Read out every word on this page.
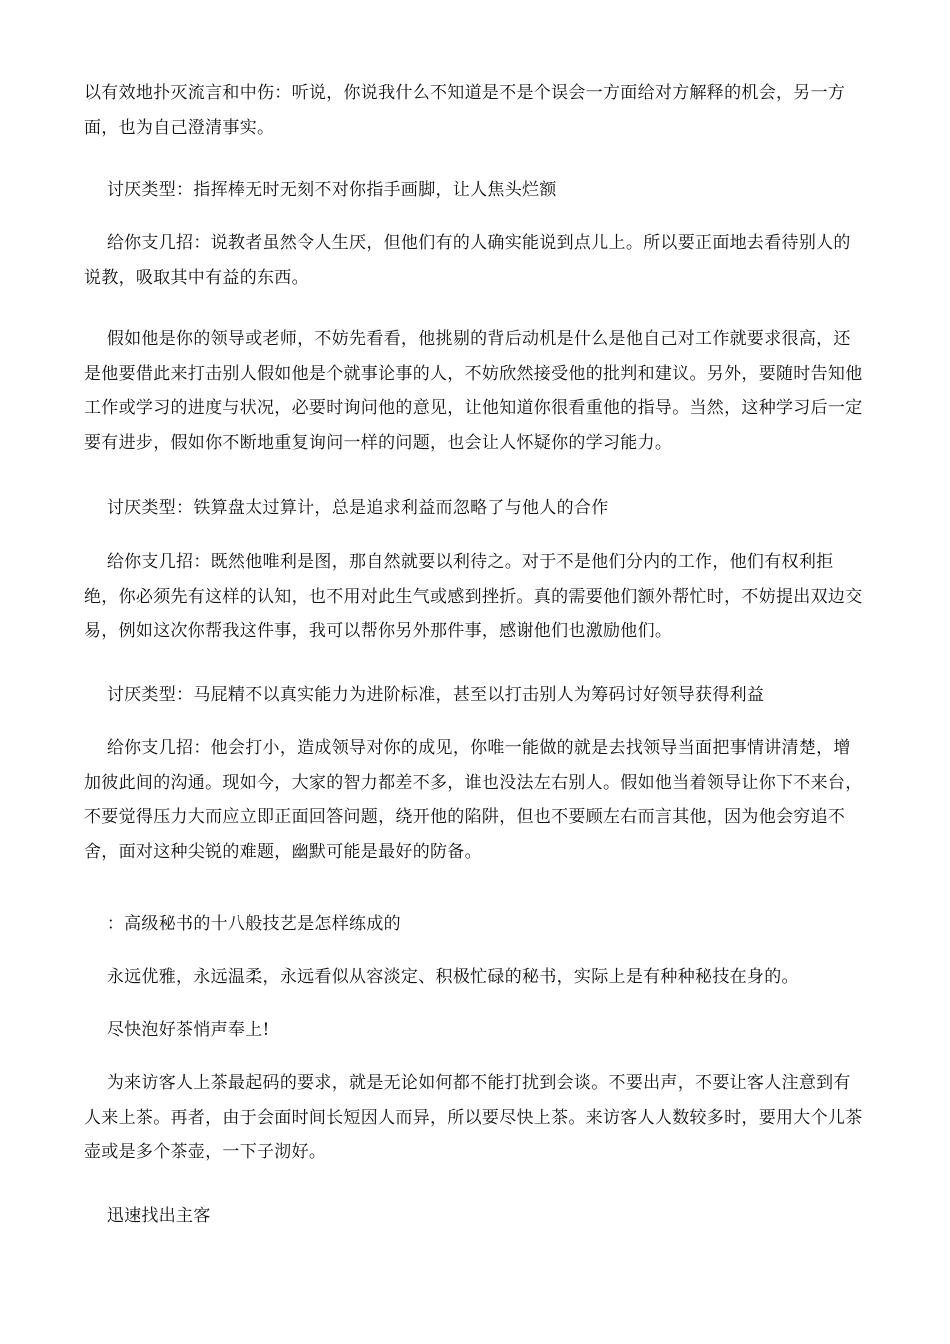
以有效地扑灭流言和中伤：听说，你说我什么不知道是不是个误会一方面给对方解释的机会，另一方面，也为自己澄清事实。

讨厌类型：指挥棒无时无刻不对你指手画脚，让人焦头烂额

给你支几招：说教者虽然令人生厌，但他们有的人确实能说到点儿上。所以要正面地去看待别人的说教，吸取其中有益的东西。

假如他是你的领导或老师，不妨先看看，他挑剔的背后动机是什么是他自己对工作就要求很高，还是他要借此来打击别人假如他是个就事论事的人，不妨欣然接受他的批判和建议。另外，要随时告知他工作或学习的进度与状况，必要时询问他的意见，让他知道你很看重他的指导。当然，这种学习后一定要有进步，假如你不断地重复询问一样的问题，也会让人怀疑你的学习能力。

讨厌类型：铁算盘太过算计，总是追求利益而忽略了与他人的合作

给你支几招：既然他唯利是图，那自然就要以利待之。对于不是他们分内的工作，他们有权利拒绝，你必须先有这样的认知，也不用对此生气或感到挫折。真的需要他们额外帮忙时，不妨提出双边交易，例如这次你帮我这件事，我可以帮你另外那件事，感谢他们也激励他们。

讨厌类型：马屁精不以真实能力为进阶标准，甚至以打击别人为筹码讨好领导获得利益

给你支几招：他会打小，造成领导对你的成见，你唯一能做的就是去找领导当面把事情讲清楚，增加彼此间的沟通。现如今，大家的智力都差不多，谁也没法左右别人。假如他当着领导让你下不来台，不要觉得压力大而应立即正面回答问题，绕开他的陷阱，但也不要顾左右而言其他，因为他会穷追不舍，面对这种尖锐的难题，幽默可能是最好的防备。

：高级秘书的十八般技艺是怎样练成的

永远优雅，永远温柔，永远看似从容淡定、积极忙碌的秘书，实际上是有种种秘技在身的。

尽快泡好茶悄声奉上!

为来访客人上茶最起码的要求，就是无论如何都不能打扰到会谈。不要出声，不要让客人注意到有人来上茶。再者，由于会面时间长短因人而异，所以要尽快上茶。来访客人人数较多时，要用大个儿茶壶或是多个茶壶，一下子沏好。

迅速找出主客
